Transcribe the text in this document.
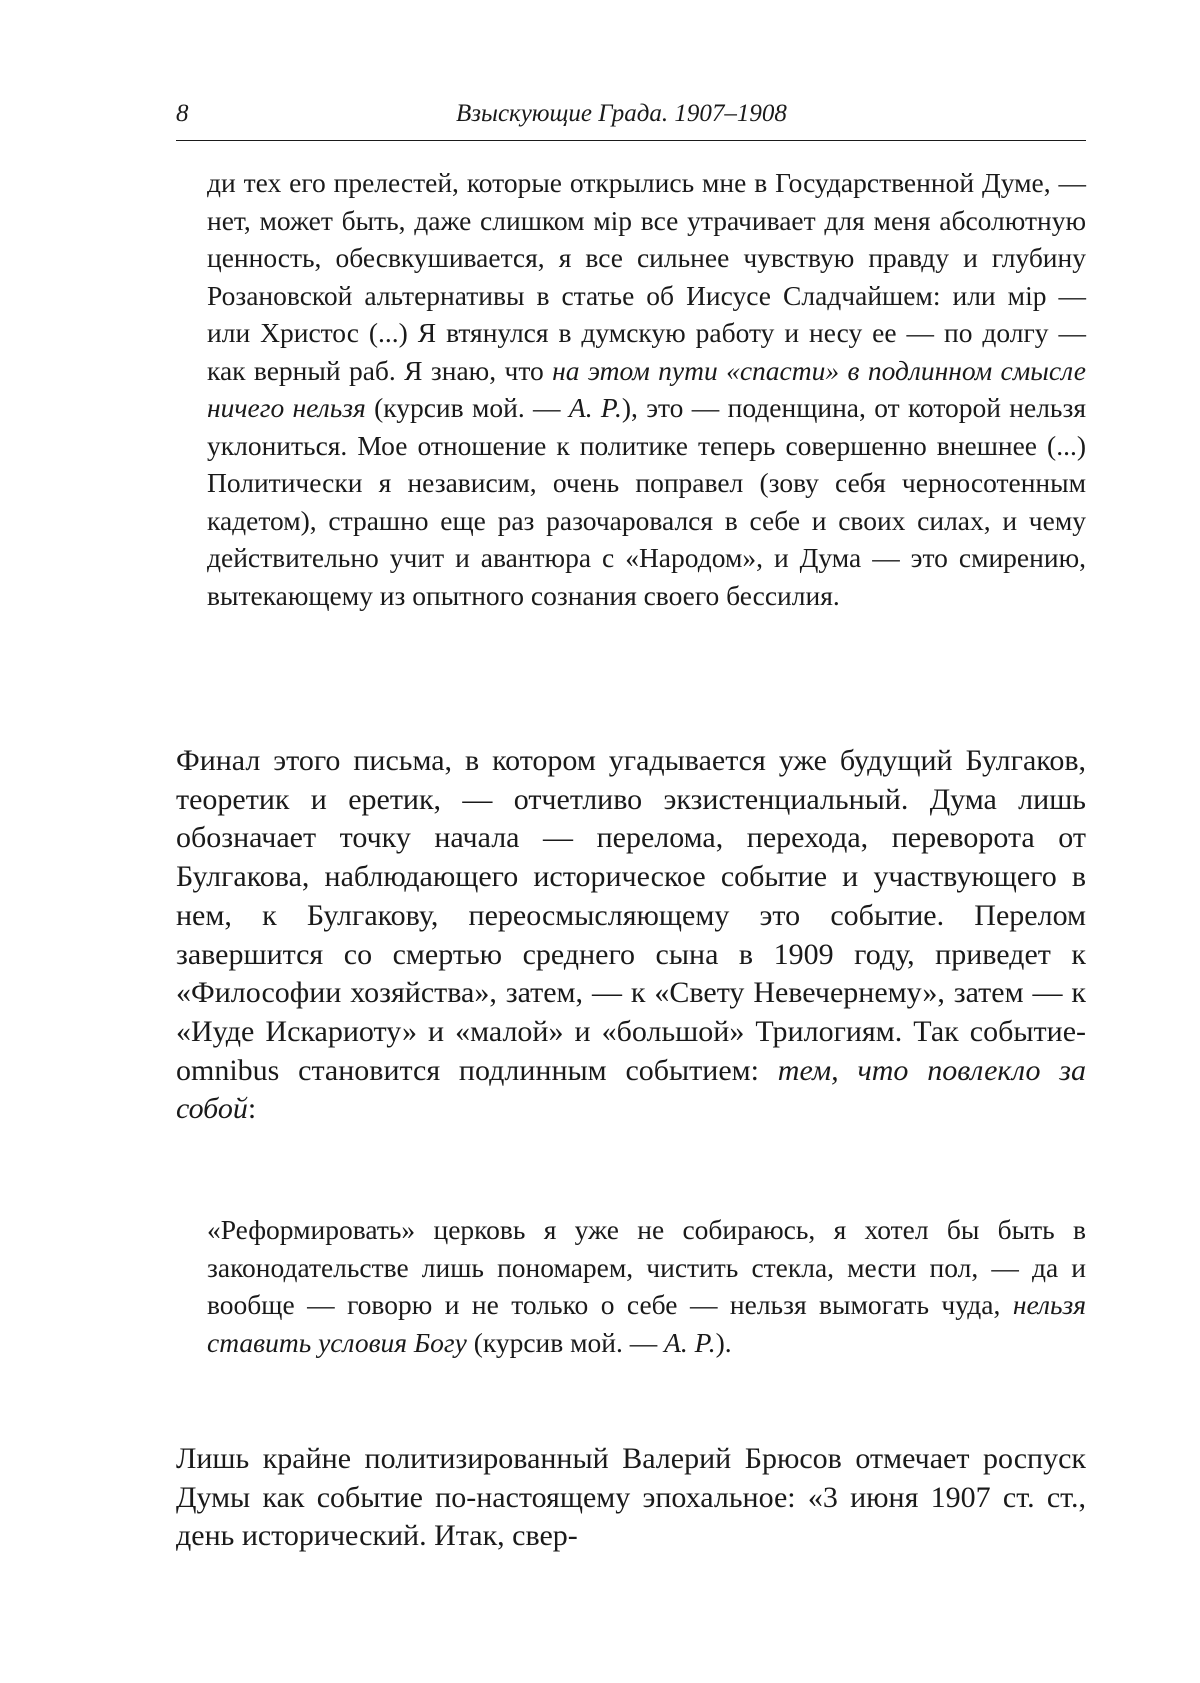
8	Взыскующие Града. 1907–1908

ди тех его прелестей, которые открылись мне в Государственной Думе, — нет, может быть, даже слишком мiр все утрачивает для меня абсолютную ценность, обесвкушивается, я все сильнее чувствую правду и глубину Розановской альтернативы в статье об Иисусе Сладчайшем: или мiр — или Христос (...) Я втянулся в думскую работу и несу ее — по долгу — как верный раб. Я знаю, что на этом пути «спасти» в подлинном смысле ничего нельзя (курсив мой. — А. Р.), это — поденщина, от которой нельзя уклониться. Мое отношение к политике теперь совершенно внешнее (...) Политически я независим, очень поправел (зову себя черносотенным кадетом), страшно еще раз разочаровался в себе и своих силах, и чему действительно учит и авантюра с «Народом», и Дума — это смирению, вытекающему из опытного сознания своего бессилия.

Финал этого письма, в котором угадывается уже будущий Булгаков, теоретик и еретик, — отчетливо экзистенциальный. Дума лишь обозначает точку начала — перелома, перехода, переворота от Булгакова, наблюдающего историческое событие и участвующего в нем, к Булгакову, переосмысляющему это событие. Перелом завершится со смертью среднего сына в 1909 году, приведет к «Философии хозяйства», затем, — к «Свету Невечернему», затем — к «Иуде Искариоту» и «малой» и «большой» Трилогиям. Так событие-omnibus становится подлинным событием: тем, что повлекло за собой:

«Реформировать» церковь я уже не собираюсь, я хотел бы быть в законодательстве лишь пономарем, чистить стекла, мести пол, — да и вообще — говорю и не только о себе — нельзя вымогать чуда, нельзя ставить условия Богу (курсив мой. — А. Р.).

Лишь крайне политизированный Валерий Брюсов отмечает роспуск Думы как событие по-настоящему эпохальное: «3 июня 1907 ст. ст., день исторический. Итак, свер-
